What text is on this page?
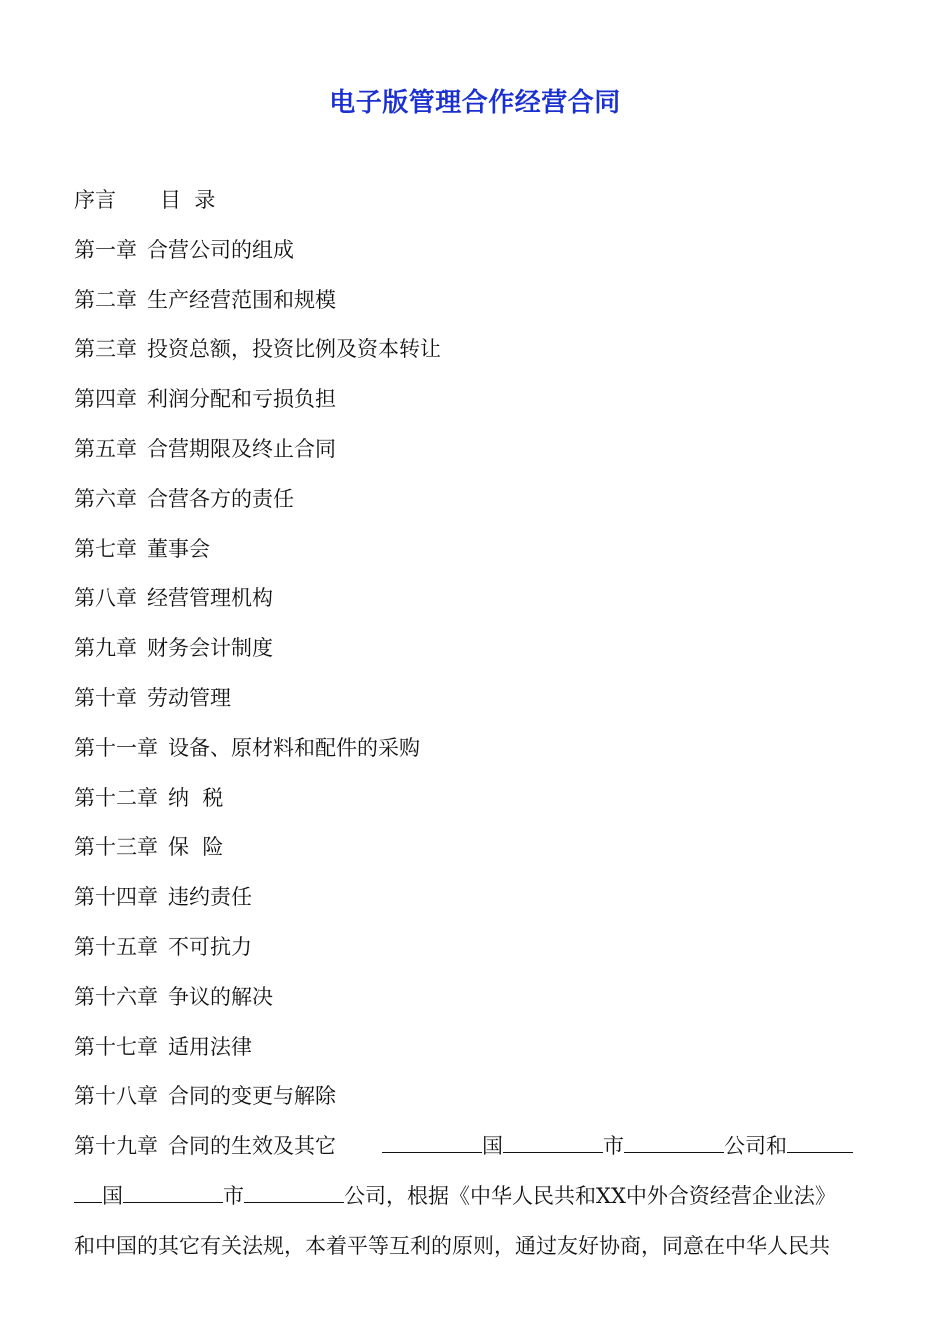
电子版管理合作经营合同
序言 目  录
第一章 合营公司的组成
第二章 生产经营范围和规模
第三章 投资总额，投资比例及资本转让
第四章 利润分配和亏损负担
第五章 合营期限及终止合同
第六章 合营各方的责任
第七章 董事会
第八章 经营管理机构
第九章 财务会计制度
第十章 劳动管理
第十一章 设备、原材料和配件的采购
第十二章 纳  税
第十三章 保  险
第十四章 违约责任
第十五章 不可抗力
第十六章 争议的解决
第十七章 适用法律
第十八章 合同的变更与解除
第十九章 合同的生效及其它	国	市	公司和
国	市	公司，根据《中华人民共和XX中外合资经营企业法》
和中国的其它有关法规，本着平等互利的原则，通过友好协商，同意在中华人民共
